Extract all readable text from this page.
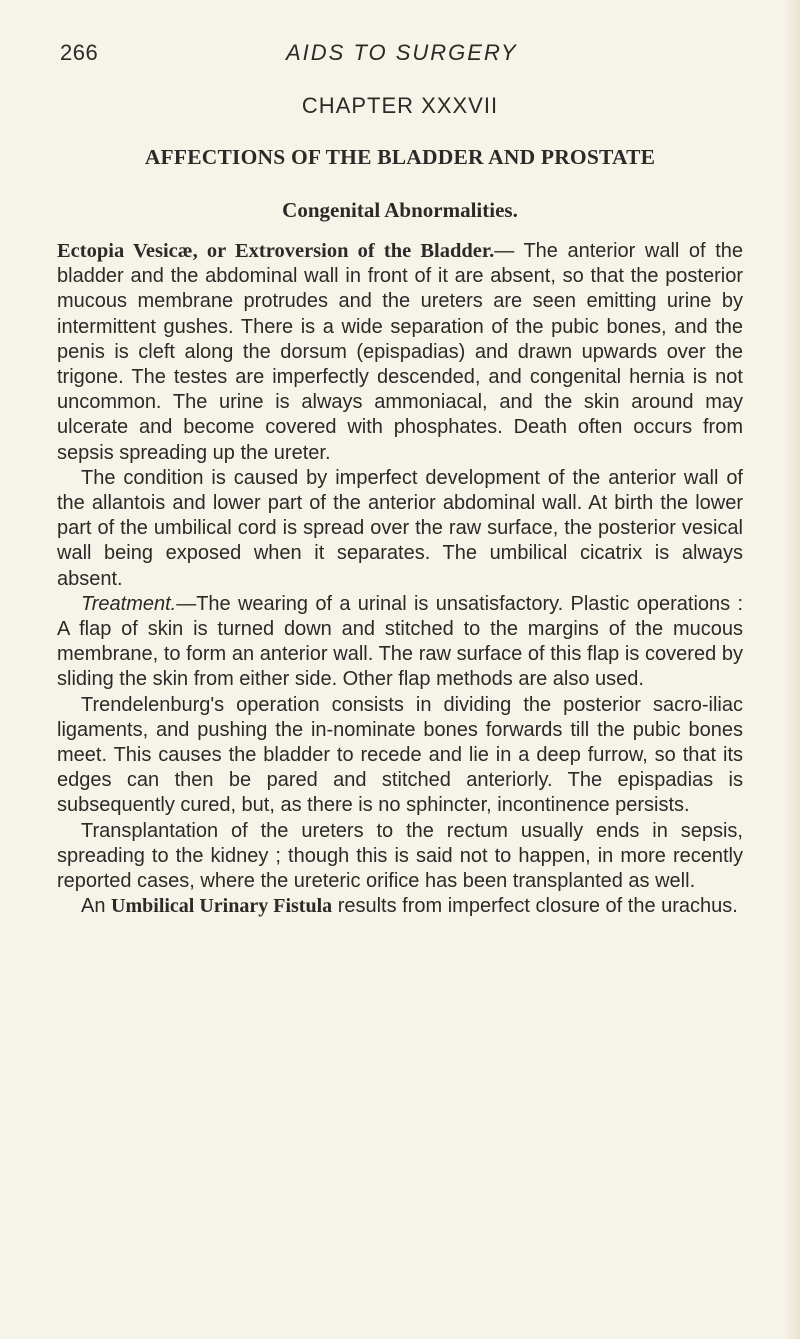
266	AIDS TO SURGERY
CHAPTER XXXVII
AFFECTIONS OF THE BLADDER AND PROSTATE
Congenital Abnormalities.

Ectopia Vesicæ, or Extroversion of the Bladder.— The anterior wall of the bladder and the abdominal wall in front of it are absent, so that the posterior mucous membrane protrudes and the ureters are seen emitting urine by intermittent gushes. There is a wide separation of the pubic bones, and the penis is cleft along the dorsum (epispadias) and drawn upwards over the trigone. The testes are imperfectly descended, and congenital hernia is not uncommon. The urine is always ammoniacal, and the skin around may ulcerate and become covered with phosphates. Death often occurs from sepsis spreading up the ureter.

The condition is caused by imperfect development of the anterior wall of the allantois and lower part of the anterior abdominal wall. At birth the lower part of the umbilical cord is spread over the raw surface, the posterior vesical wall being exposed when it separates. The umbilical cicatrix is always absent.

Treatment.—The wearing of a urinal is unsatisfactory. Plastic operations : A flap of skin is turned down and stitched to the margins of the mucous membrane, to form an anterior wall. The raw surface of this flap is covered by sliding the skin from either side. Other flap methods are also used.

Trendelenburg's operation consists in dividing the posterior sacro-iliac ligaments, and pushing the in-nominate bones forwards till the pubic bones meet. This causes the bladder to recede and lie in a deep furrow, so that its edges can then be pared and stitched anteriorly. The epispadias is subsequently cured, but, as there is no sphincter, incontinence persists.

Transplantation of the ureters to the rectum usually ends in sepsis, spreading to the kidney ; though this is said not to happen, in more recently reported cases, where the ureteric orifice has been transplanted as well.

An Umbilical Urinary Fistula results from imperfect closure of the urachus.
